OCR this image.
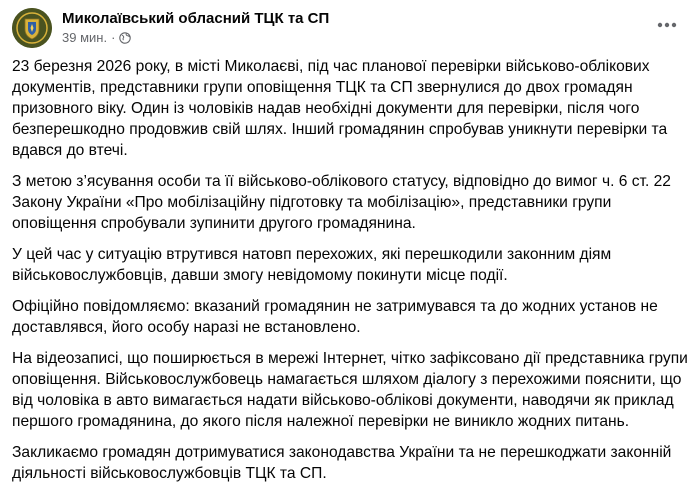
Миколаївський обласний ТЦК та СП
39 мин. ·

23 березня 2026 року, в місті Миколаєві, під час планової перевірки військово-облікових документів, представники групи оповіщення ТЦК та СП звернулися до двох громадян призовного віку. Один із чоловіків надав необхідні документи для перевірки, після чого безперешкодно продовжив свій шлях. Інший громадянин спробував уникнути перевірки та вдався до втечі.

З метою з’ясування особи та її військово-облікового статусу, відповідно до вимог ч. 6 ст. 22 Закону України «Про мобілізаційну підготовку та мобілізацію», представники групи оповіщення спробували зупинити другого громадянина.

У цей час у ситуацію втрутився натовп перехожих, які перешкодили законним діям військовослужбовців, давши змогу невідомому покинути місце події.

Офіційно повідомляємо: вказаний громадянин не затримувався та до жодних установ не доставлявся, його особу наразі не встановлено.

На відеозаписі, що поширюється в мережі Інтернет, чітко зафіксовано дії представника групи оповіщення. Військовослужбовець намагається шляхом діалогу з перехожими пояснити, що від чоловіка в авто вимагається надати військово-облікові документи, наводячи як приклад першого громадянина, до якого після належної перевірки не виникло жодних питань.

Закликаємо громадян дотримуватися законодавства України та не перешкоджати законній діяльності військовослужбовців ТЦК та СП.
